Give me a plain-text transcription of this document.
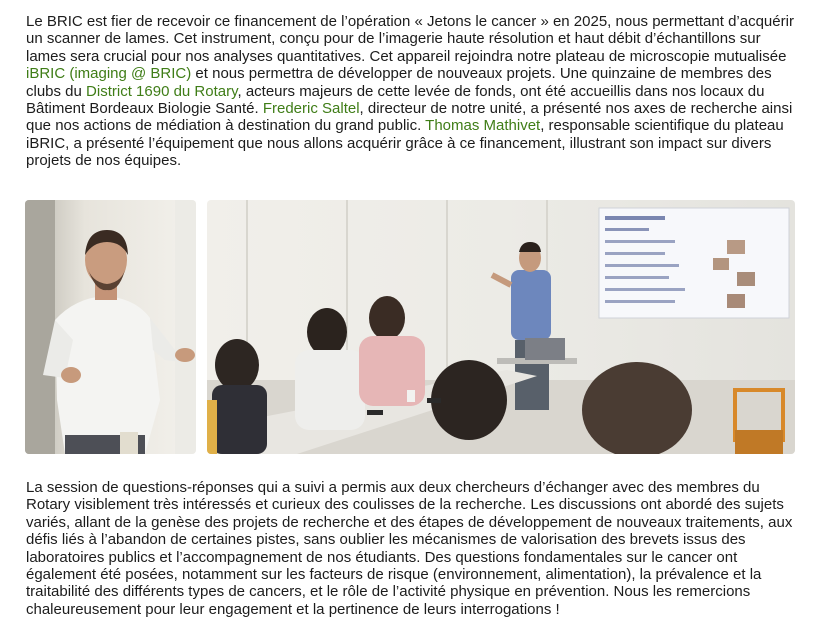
Le BRIC est fier de recevoir ce financement de l’opération « Jetons le cancer » en 2025, nous permettant d’acquérir un scanner de lames. Cet instrument, conçu pour de l’imagerie haute résolution et haut débit d’échantillons sur lames sera crucial pour nos analyses quantitatives. Cet appareil rejoindra notre plateau de microscopie mutualisée iBRIC (imaging @ BRIC) et nous permettra de développer de nouveaux projets. Une quinzaine de membres des clubs du District 1690 du Rotary, acteurs majeurs de cette levée de fonds, ont été accueillis dans nos locaux du Bâtiment Bordeaux Biologie Santé. Frederic Saltel, directeur de notre unité, a présenté nos axes de recherche ainsi que nos actions de médiation à destination du grand public. Thomas Mathivet, responsable scientifique du plateau iBRIC, a présenté l’équipement que nous allons acquérir grâce à ce financement, illustrant son impact sur divers projets de nos équipes.

La session de questions-réponses qui a suivi a permis aux deux chercheurs d’échanger avec des membres du Rotary visiblement très intéressés et curieux des coulisses de la recherche. Les discussions ont abordé des sujets variés, allant de la genèse des projets de recherche et des étapes de développement de nouveaux traitements, aux défis liés à l’abandon de certaines pistes, sans oublier les mécanismes de valorisation des brevets issus des laboratoires publics et l’accompagnement de nos étudiants. Des questions fondamentales sur le cancer ont également été posées, notamment sur les facteurs de risque (environnement, alimentation), la prévalence et la traitabilité des différents types de cancers, et le rôle de l’activité physique en prévention. Nous les remercions chaleureusement pour leur engagement et la pertinence de leurs interrogations !
